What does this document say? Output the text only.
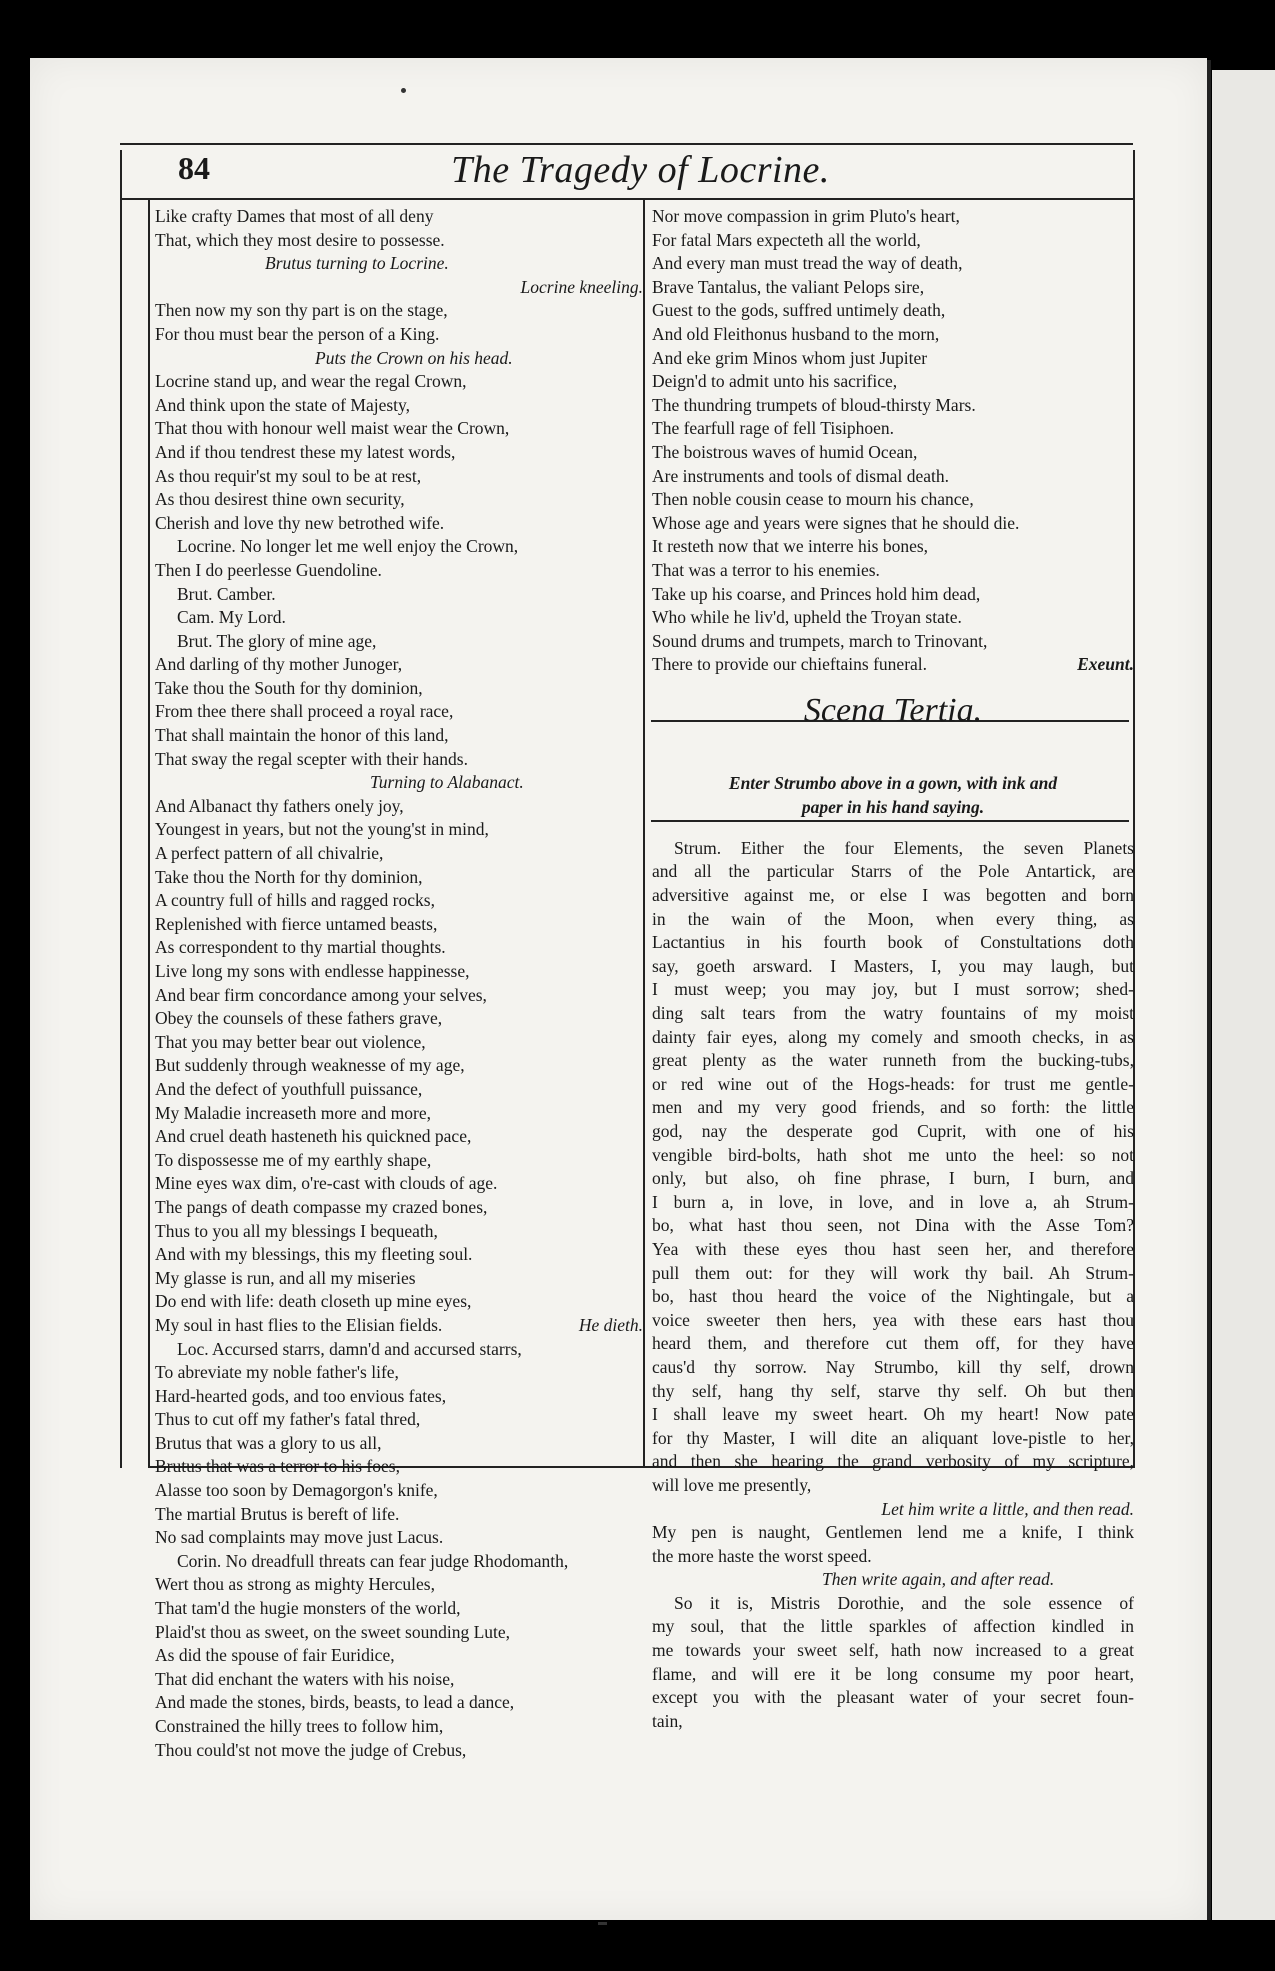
84	The Tragedy of Locrine.
Like crafty Dames that most of all deny
That, which they most desire to possesse.
Brutus turning to Locrine.
Locrine kneeling.
Then now my son thy part is on the stage,
For thou must bear the person of a King.
Puts the Crown on his head.
Locrine stand up, and wear the regal Crown,
And think upon the state of Majesty,
That thou with honour well maist wear the Crown,
And if thou tendrest these my latest words,
As thou requir'st my soul to be at rest,
As thou desirest thine own security,
Cherish and love thy new betrothed wife.
Locrine. No longer let me well enjoy the Crown,
Then I do peerlesse Guendoline.
Brut. Camber.
Cam. My Lord.
Brut. The glory of mine age,
And darling of thy mother Junoger,
Take thou the South for thy dominion,
From thee there shall proceed a royal race,
That shall maintain the honor of this land,
That sway the regal scepter with their hands.
Turning to Alabanact.
And Albanact thy fathers onely joy,
Youngest in years, but not the young'st in mind,
A perfect pattern of all chivalrie,
Take thou the North for thy dominion,
A country full of hills and ragged rocks,
Replenished with fierce untamed beasts,
As correspondent to thy martial thoughts.
Live long my sons with endlesse happinesse,
And bear firm concordance among your selves,
Obey the counsels of these fathers grave,
That you may better bear out violence,
But suddenly through weaknesse of my age,
And the defect of youthfull puissance,
My Maladie increaseth more and more,
And cruel death hasteneth his quickned pace,
To dispossesse me of my earthly shape,
Mine eyes wax dim, o're-cast with clouds of age.
The pangs of death compasse my crazed bones,
Thus to you all my blessings I bequeath,
And with my blessings, this my fleeting soul.
My glasse is run, and all my miseries
Do end with life: death closeth up mine eyes,
My soul in hast flies to the Elisian fields.	He dieth.
Loc. Accursed starrs, damn'd and accursed starrs,
To abreviate my noble father's life,
Hard-hearted gods, and too envious fates,
Thus to cut off my father's fatal thred,
Brutus that was a glory to us all,
Brutus that was a terror to his foes,
Alasse too soon by Demagorgon's knife,
The martial Brutus is bereft of life.
No sad complaints may move just Lacus.
Corin. No dreadfull threats can fear judge Rhodomanth,
Wert thou as strong as mighty Hercules,
That tam'd the hugie monsters of the world,
Plaid'st thou as sweet, on the sweet sounding Lute,
As did the spouse of fair Euridice,
That did enchant the waters with his noise,
And made the stones, birds, beasts, to lead a dance,
Constrained the hilly trees to follow him,
Thou could'st not move the judge of Crebus,
Nor move compassion in grim Pluto's heart,
For fatal Mars expecteth all the world,
And every man must tread the way of death,
Brave Tantalus, the valiant Pelops sire,
Guest to the gods, suffred untimely death,
And old Fleithonus husband to the morn,
And eke grim Minos whom just Jupiter
Deign'd to admit unto his sacrifice,
The thundring trumpets of bloud-thirsty Mars.
The fearfull rage of fell Tisiphoen.
The boistrous waves of humid Ocean,
Are instruments and tools of dismal death.
Then noble cousin cease to mourn his chance,
Whose age and years were signes that he should die.
It resteth now that we interre his bones,
That was a terror to his enemies.
Take up his coarse, and Princes hold him dead,
Who while he liv'd, upheld the Troyan state.
Sound drums and trumpets, march to Trinovant,
There to provide our chieftains funeral.	Exeunt.
Scena Tertia.
Enter Strumbo above in a gown, with ink and
paper in his hand saying.
Strum. Either the four Elements, the seven Planets
and all the particular Starrs of the Pole Antartick, are
adversitive against me, or else I was begotten and born
in the wain of the Moon, when every thing, as
Lactantius in his fourth book of Constultations doth
say, goeth arsward. I Masters, I, you may laugh, but
I must weep; you may joy, but I must sorrow; shed-
ding salt tears from the watry fountains of my moist
dainty fair eyes, along my comely and smooth checks, in as
great plenty as the water runneth from the bucking-tubs,
or red wine out of the Hogs-heads: for trust me gentle-
men and my very good friends, and so forth: the little
god, nay the desperate god Cuprit, with one of his
vengible bird-bolts, hath shot me unto the heel: so not
only, but also, oh fine phrase, I burn, I burn, and
I burn a, in love, in love, and in love a, ah Strum-
bo, what hast thou seen, not Dina with the Asse Tom?
Yea with these eyes thou hast seen her, and therefore
pull them out: for they will work thy bail. Ah Strum-
bo, hast thou heard the voice of the Nightingale, but a
voice sweeter then hers, yea with these ears hast thou
heard them, and therefore cut them off, for they have
caus'd thy sorrow. Nay Strumbo, kill thy self, drown
thy self, hang thy self, starve thy self. Oh but then
I shall leave my sweet heart. Oh my heart! Now pate
for thy Master, I will dite an aliquant love-pistle to her,
and then she hearing the grand verbosity of my scripture,
will love me presently,
Let him write a little, and then read.
My pen is naught, Gentlemen lend me a knife, I think
the more haste the worst speed.
Then write again, and after read.
So it is, Mistris Dorothie, and the sole essence of
my soul, that the little sparkles of affection kindled in
me towards your sweet self, hath now increased to a great
flame, and will ere it be long consume my poor heart,
except you with the pleasant water of your secret foun-
tain,
